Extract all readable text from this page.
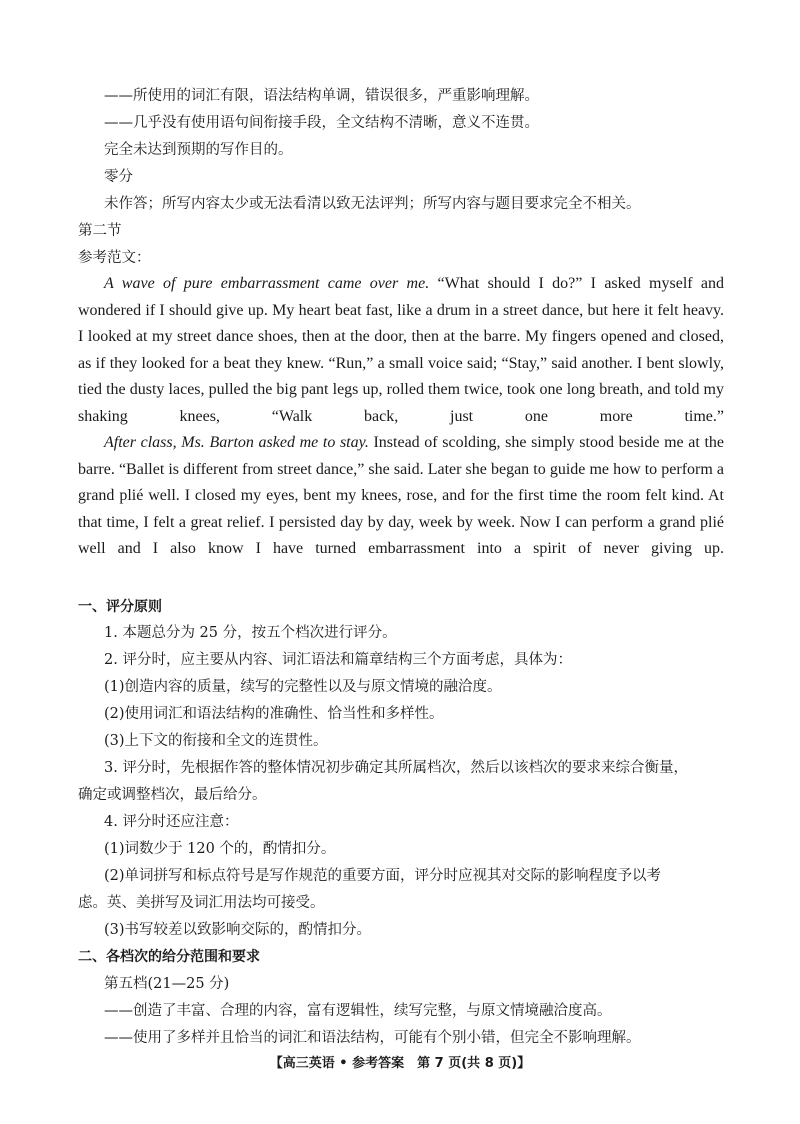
——所使用的词汇有限，语法结构单调，错误很多，严重影响理解。
——几乎没有使用语句间衔接手段，全文结构不清晰，意义不连贯。
完全未达到预期的写作目的。
零分
未作答；所写内容太少或无法看清以致无法评判；所写内容与题目要求完全不相关。
第二节
参考范文：
A wave of pure embarrassment came over me. “What should I do?” I asked myself and wondered if I should give up. My heart beat fast, like a drum in a street dance, but here it felt heavy. I looked at my street dance shoes, then at the door, then at the barre. My fingers opened and closed, as if they looked for a beat they knew. “Run,” a small voice said; “Stay,” said another. I bent slowly, tied the dusty laces, pulled the big pant legs up, rolled them twice, took one long breath, and told my shaking knees, “Walk back, just one more time.”
After class, Ms. Barton asked me to stay. Instead of scolding, she simply stood beside me at the barre. “Ballet is different from street dance,” she said. Later she began to guide me how to perform a grand plié well. I closed my eyes, bent my knees, rose, and for the first time the room felt kind. At that time, I felt a great relief. I persisted day by day, week by week. Now I can perform a grand plié well and I also know I have turned embarrassment into a spirit of never giving up.
一、评分原则
1. 本题总分为 25 分，按五个档次进行评分。
2. 评分时，应主要从内容、词汇语法和篇章结构三个方面考虑，具体为：
(1)创造内容的质量，续写的完整性以及与原文情境的融洽度。
(2)使用词汇和语法结构的准确性、恰当性和多样性。
(3)上下文的衔接和全文的连贯性。
3. 评分时，先根据作答的整体情况初步确定其所属档次，然后以该档次的要求来综合衡量，
确定或调整档次，最后给分。
4. 评分时还应注意：
(1)词数少于 120 个的，酌情扣分。
(2)单词拼写和标点符号是写作规范的重要方面，评分时应视其对交际的影响程度予以考
虑。英、美拼写及词汇用法均可接受。
(3)书写较差以致影响交际的，酌情扣分。
二、各档次的给分范围和要求
第五档(21—25 分)
——创造了丰富、合理的内容，富有逻辑性，续写完整，与原文情境融洽度高。
——使用了多样并且恰当的词汇和语法结构，可能有个别小错，但完全不影响理解。
【高三英语 • 参考答案　第 7 页(共 8 页)】
